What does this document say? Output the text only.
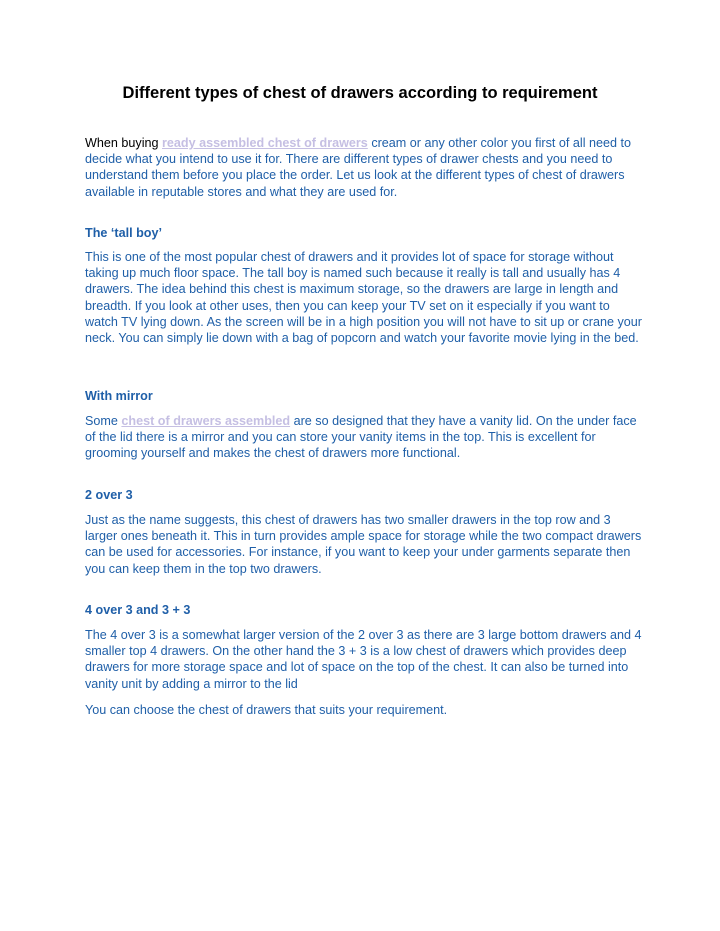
Different types of chest of drawers according to requirement

When buying ready assembled chest of drawers cream or any other color you first of all need to decide what you intend to use it for. There are different types of drawer chests and you need to understand them before you place the order. Let us look at the different types of chest of drawers available in reputable stores and what they are used for.

The ‘tall boy’

This is one of the most popular chest of drawers and it provides lot of space for storage without taking up much floor space. The tall boy is named such because it really is tall and usually has 4 drawers. The idea behind this chest is maximum storage, so the drawers are large in length and breadth. If you look at other uses, then you can keep your TV set on it especially if you want to watch TV lying down. As the screen will be in a high position you will not have to sit up or crane your neck. You can simply lie down with a bag of popcorn and watch your favorite movie lying in the bed.

With mirror

Some chest of drawers assembled are so designed that they have a vanity lid. On the under face of the lid there is a mirror and you can store your vanity items in the top. This is excellent for grooming yourself and makes the chest of drawers more functional.

2 over 3

Just as the name suggests, this chest of drawers has two smaller drawers in the top row and 3 larger ones beneath it. This in turn provides ample space for storage while the two compact drawers can be used for accessories. For instance, if you want to keep your under garments separate then you can keep them in the top two drawers.

4 over 3 and 3 + 3

The 4 over 3 is a somewhat larger version of the 2 over 3 as there are 3 large bottom drawers and 4 smaller top 4 drawers. On the other hand the 3 + 3 is a low chest of drawers which provides deep drawers for more storage space and lot of space on the top of the chest. It can also be turned into vanity unit by adding a mirror to the lid

You can choose the chest of drawers that suits your requirement.
